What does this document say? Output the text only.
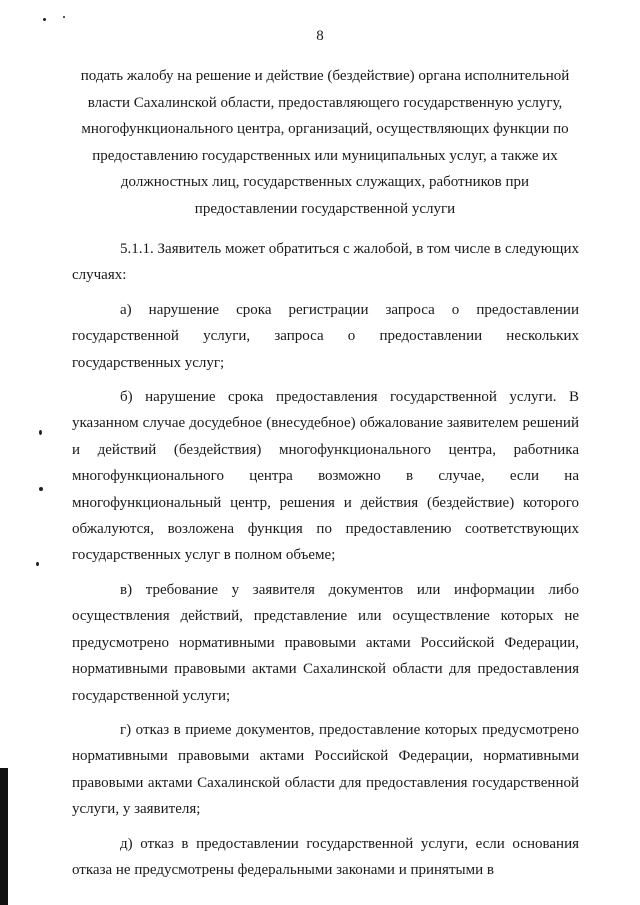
8
подать жалобу на решение и действие (бездействие) органа исполнительной власти Сахалинской области, предоставляющего государственную услугу, многофункционального центра, организаций, осуществляющих функции по предоставлению государственных или муниципальных услуг, а также их должностных лиц, государственных служащих, работников при предоставлении государственной услуги

5.1.1. Заявитель может обратиться с жалобой, в том числе в следующих случаях:

а) нарушение срока регистрации запроса о предоставлении государственной услуги, запроса о предоставлении нескольких государственных услуг;

б) нарушение срока предоставления государственной услуги. В указанном случае досудебное (внесудебное) обжалование заявителем решений и действий (бездействия) многофункционального центра, работника многофункционального центра возможно в случае, если на многофункциональный центр, решения и действия (бездействие) которого обжалуются, возложена функция по предоставлению соответствующих государственных услуг в полном объеме;

в) требование у заявителя документов или информации либо осуществления действий, представление или осуществление которых не предусмотрено нормативными правовыми актами Российской Федерации, нормативными правовыми актами Сахалинской области для предоставления государственной услуги;

г) отказ в приеме документов, предоставление которых предусмотрено нормативными правовыми актами Российской Федерации, нормативными правовыми актами Сахалинской области для предоставления государственной услуги, у заявителя;

д) отказ в предоставлении государственной услуги, если основания отказа не предусмотрены федеральными законами и принятыми в
